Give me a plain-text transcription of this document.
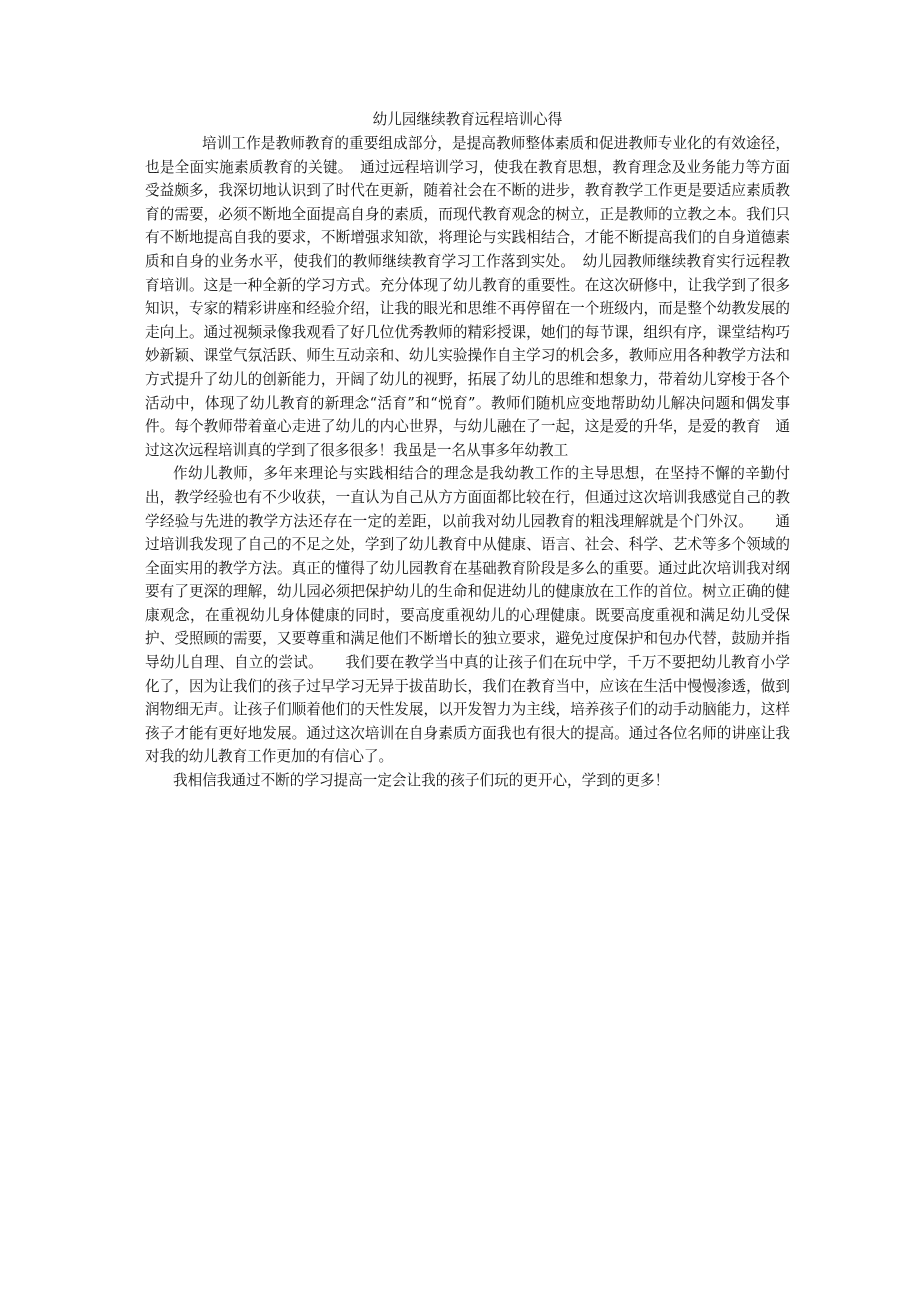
幼儿园继续教育远程培训心得

培训工作是教师教育的重要组成部分，是提高教师整体素质和促进教师专业化的有效途径，也是全面实施素质教育的关键。　通过远程培训学习，使我在教育思想，教育理念及业务能力等方面受益颇多，我深切地认识到了时代在更新，随着社会在不断的进步，教育教学工作更是要适应素质教育的需要，必须不断地全面提高自身的素质，而现代教育观念的树立，正是教师的立教之本。我们只有不断地提高自我的要求，不断增强求知欲，将理论与实践相结合，才能不断提高我们的自身道德素质和自身的业务水平，使我们的教师继续教育学习工作落到实处。　幼儿园教师继续教育实行远程教育培训。这是一种全新的学习方式。充分体现了幼儿教育的重要性。在这次研修中，让我学到了很多知识，专家的精彩讲座和经验介绍，让我的眼光和思维不再停留在一个班级内，而是整个幼教发展的走向上。通过视频录像我观看了好几位优秀教师的精彩授课，她们的每节课，组织有序，课堂结构巧妙新颖、课堂气氛活跃、师生互动亲和、幼儿实验操作自主学习的机会多，教师应用各种教学方法和方式提升了幼儿的创新能力，开阔了幼儿的视野，拓展了幼儿的思维和想象力，带着幼儿穿梭于各个活动中，体现了幼儿教育的新理念“活育”和“悦育”。教师们随机应变地帮助幼儿解决问题和偶发事件。每个教师带着童心走进了幼儿的内心世界，与幼儿融在了一起，这是爱的升华，是爱的教育　通过这次远程培训真的学到了很多很多！我虽是一名从事多年幼教工

作幼儿教师，多年来理论与实践相结合的理念是我幼教工作的主导思想，在坚持不懈的辛勤付出，教学经验也有不少收获，一直认为自己从方方面面都比较在行，但通过这次培训我感觉自己的教学经验与先进的教学方法还存在一定的差距，以前我对幼儿园教育的粗浅理解就是个门外汉。　　通过培训我发现了自己的不足之处，学到了幼儿教育中从健康、语言、社会、科学、艺术等多个领域的全面实用的教学方法。真正的懂得了幼儿园教育在基础教育阶段是多么的重要。通过此次培训我对纲要有了更深的理解，幼儿园必须把保护幼儿的生命和促进幼儿的健康放在工作的首位。树立正确的健康观念，在重视幼儿身体健康的同时，要高度重视幼儿的心理健康。既要高度重视和满足幼儿受保护、受照顾的需要，又要尊重和满足他们不断增长的独立要求，避免过度保护和包办代替，鼓励并指导幼儿自理、自立的尝试。　　我们要在教学当中真的让孩子们在玩中学，千万不要把幼儿教育小学化了，因为让我们的孩子过早学习无异于拔苗助长，我们在教育当中，应该在生活中慢慢渗透，做到润物细无声。让孩子们顺着他们的天性发展，以开发智力为主线，培养孩子们的动手动脑能力，这样孩子才能有更好地发展。通过这次培训在自身素质方面我也有很大的提高。通过各位名师的讲座让我对我的幼儿教育工作更加的有信心了。

我相信我通过不断的学习提高一定会让我的孩子们玩的更开心，学到的更多！
